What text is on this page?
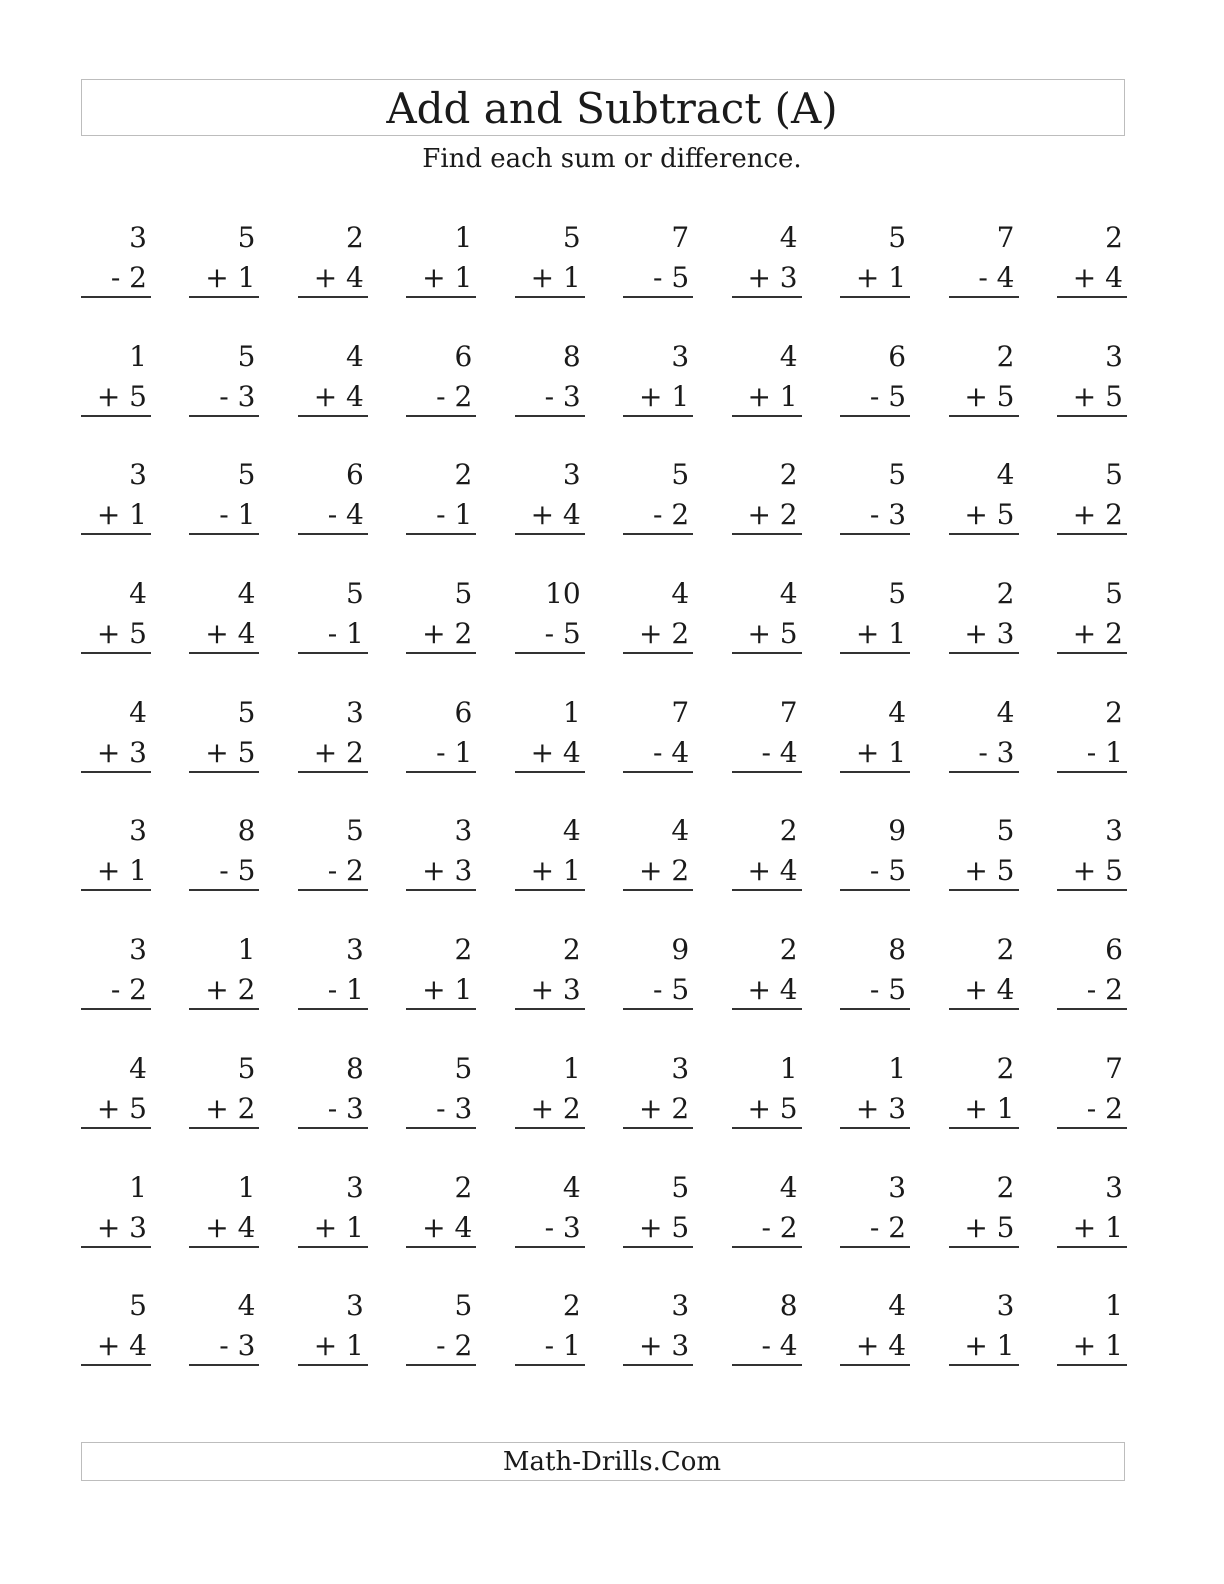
Add and Subtract (A)
Find each sum or difference.
3
- 2
5
+ 1
2
+ 4
1
+ 1
5
+ 1
7
- 5
4
+ 3
5
+ 1
7
- 4
2
+ 4
1
+ 5
5
- 3
4
+ 4
6
- 2
8
- 3
3
+ 1
4
+ 1
6
- 5
2
+ 5
3
+ 5
3
+ 1
5
- 1
6
- 4
2
- 1
3
+ 4
5
- 2
2
+ 2
5
- 3
4
+ 5
5
+ 2
4
+ 5
4
+ 4
5
- 1
5
+ 2
10
- 5
4
+ 2
4
+ 5
5
+ 1
2
+ 3
5
+ 2
4
+ 3
5
+ 5
3
+ 2
6
- 1
1
+ 4
7
- 4
7
- 4
4
+ 1
4
- 3
2
- 1
3
+ 1
8
- 5
5
- 2
3
+ 3
4
+ 1
4
+ 2
2
+ 4
9
- 5
5
+ 5
3
+ 5
3
- 2
1
+ 2
3
- 1
2
+ 1
2
+ 3
9
- 5
2
+ 4
8
- 5
2
+ 4
6
- 2
4
+ 5
5
+ 2
8
- 3
5
- 3
1
+ 2
3
+ 2
1
+ 5
1
+ 3
2
+ 1
7
- 2
1
+ 3
1
+ 4
3
+ 1
2
+ 4
4
- 3
5
+ 5
4
- 2
3
- 2
2
+ 5
3
+ 1
5
+ 4
4
- 3
3
+ 1
5
- 2
2
- 1
3
+ 3
8
- 4
4
+ 4
3
+ 1
1
+ 1
Math-Drills.Com
